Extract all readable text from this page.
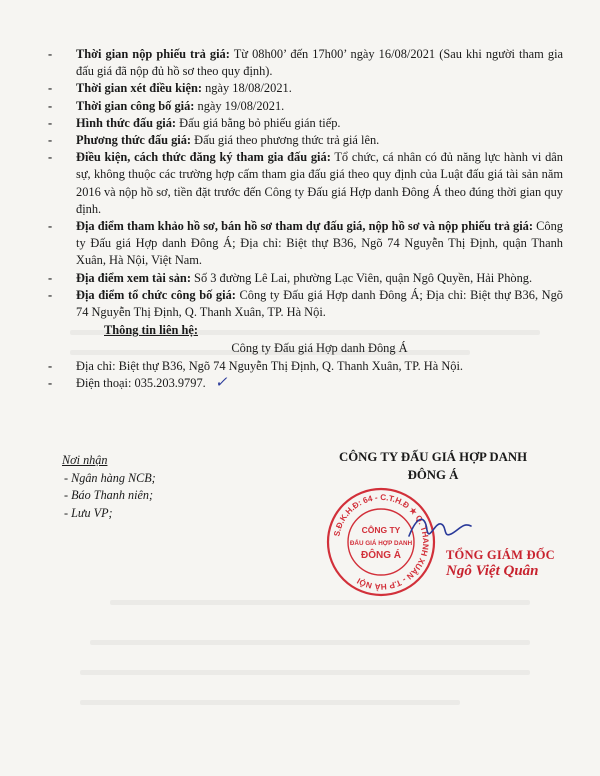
- Thời gian nộp phiếu trả giá: Từ 08h00’ đến 17h00’ ngày 16/08/2021 (Sau khi người tham gia đấu giá đã nộp đủ hồ sơ theo quy định).
- Thời gian xét điều kiện: ngày 18/08/2021.
- Thời gian công bố giá: ngày 19/08/2021.
- Hình thức đấu giá: Đấu giá bằng bỏ phiếu gián tiếp.
- Phương thức đấu giá: Đấu giá theo phương thức trả giá lên.
- Điều kiện, cách thức đăng ký tham gia đấu giá: Tổ chức, cá nhân có đủ năng lực hành vi dân sự, không thuộc các trường hợp cấm tham gia đấu giá theo quy định của Luật đấu giá tài sản năm 2016 và nộp hồ sơ, tiền đặt trước đến Công ty Đấu giá Hợp danh Đông Á theo đúng thời gian quy định.
- Địa điểm tham khảo hồ sơ, bán hồ sơ tham dự đấu giá, nộp hồ sơ và nộp phiếu trả giá: Công ty Đấu giá Hợp danh Đông Á; Địa chỉ: Biệt thự B36, Ngõ 74 Nguyễn Thị Định, quận Thanh Xuân, Hà Nội, Việt Nam.
- Địa điểm xem tài sản: Số 3 đường Lê Lai, phường Lạc Viên, quận Ngô Quyền, Hải Phòng.
- Địa điểm tổ chức công bố giá: Công ty Đấu giá Hợp danh Đông Á; Địa chỉ: Biệt thự B36, Ngõ 74 Nguyễn Thị Định, Q. Thanh Xuân, TP. Hà Nội.
Thông tin liên hệ:
Công ty Đấu giá Hợp danh Đông Á
- Địa chỉ: Biệt thự B36, Ngõ 74 Nguyễn Thị Định, Q. Thanh Xuân, TP. Hà Nội.
- Điện thoại: 035.203.9797. ✓
Nơi nhận
- Ngân hàng NCB;
- Báo Thanh niên;
- Lưu VP;
CÔNG TY ĐẤU GIÁ HỢP DANH
ĐÔNG Á
S.Đ.K.H.Đ: 64 - C.T.H.Đ ★ Q. THANH XUÂN - T.P HÀ NỘI
CÔNG TY
ĐẤU GIÁ HỢP DANH
ĐÔNG Á	TỔNG GIÁM ĐỐC
Ngô Việt Quân
